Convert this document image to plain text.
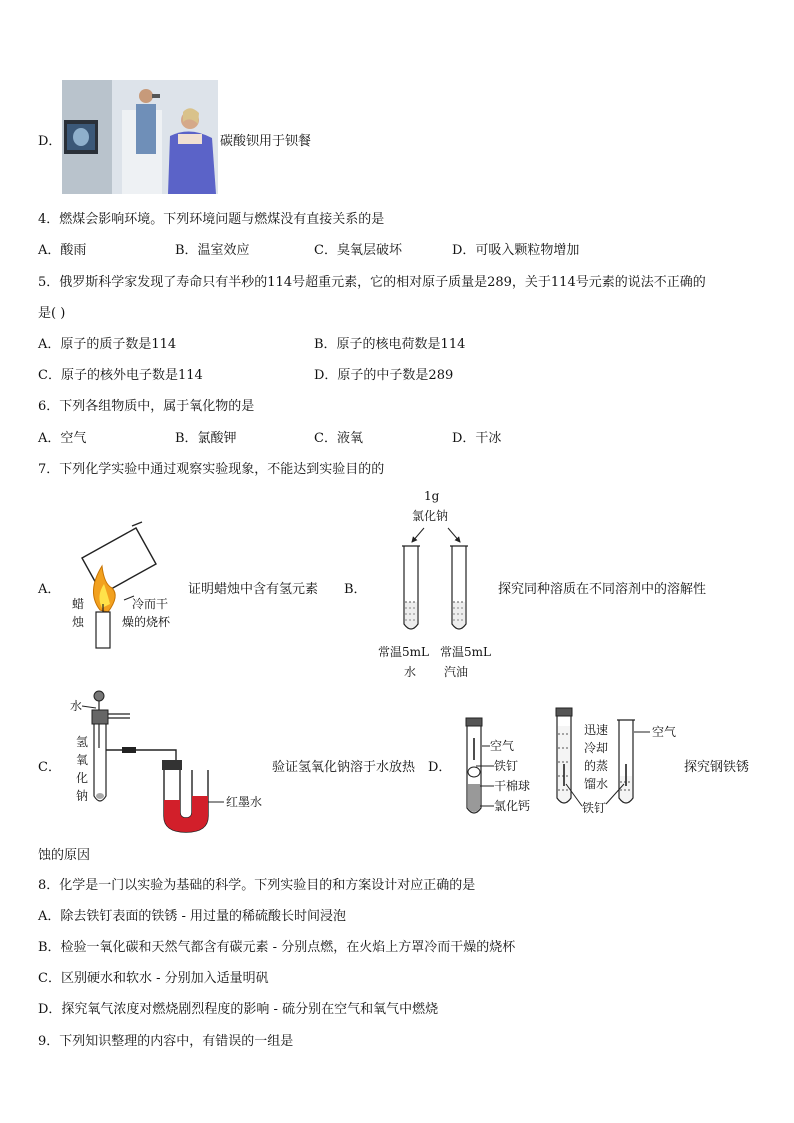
D．	碳酸钡用于钡餐
4．燃煤会影响环境。下列环境问题与燃煤没有直接关系的是
A．酸雨	B．温室效应	C．臭氧层破坏	D．可吸入颗粒物增加
5．俄罗斯科学家发现了寿命只有半秒的114号超重元素，它的相对原子质量是289，关于114号元素的说法不正确的
是( )
A．原子的质子数是114	B．原子的核电荷数是114
C．原子的核外电子数是114	D．原子的中子数是289
6．下列各组物质中，属于氧化物的是
A．空气	B．氯酸钾	C．液氧	D．干冰
7．下列化学实验中通过观察实验现象，不能达到实验目的的
A．
蜡
烛
冷而干
燥的烧杯
证明蜡烛中含有氢元素 B．
1g
氯化钠
常温5mL
水
常温5mL
汽油
探究同种溶质在不同溶剂中的溶解性
C．
水
氢
氧
化
钠	红墨水
验证氢氧化钠溶于水放热 D．
空气
铁钉
干棉球
氯化钙
迅速
冷却
的蒸
馏水
铁钉
空气
探究钢铁锈
蚀的原因
8．化学是一门以实验为基础的科学。下列实验目的和方案设计对应正确的是
A．除去铁钉表面的铁锈 - 用过量的稀硫酸长时间浸泡
B．检验一氧化碳和天然气都含有碳元素 - 分别点燃，在火焰上方罩冷而干燥的烧杯
C．区别硬水和软水 - 分别加入适量明矾
D．探究氧气浓度对燃烧剧烈程度的影响 - 硫分别在空气和氧气中燃烧
9．下列知识整理的内容中，有错误的一组是
